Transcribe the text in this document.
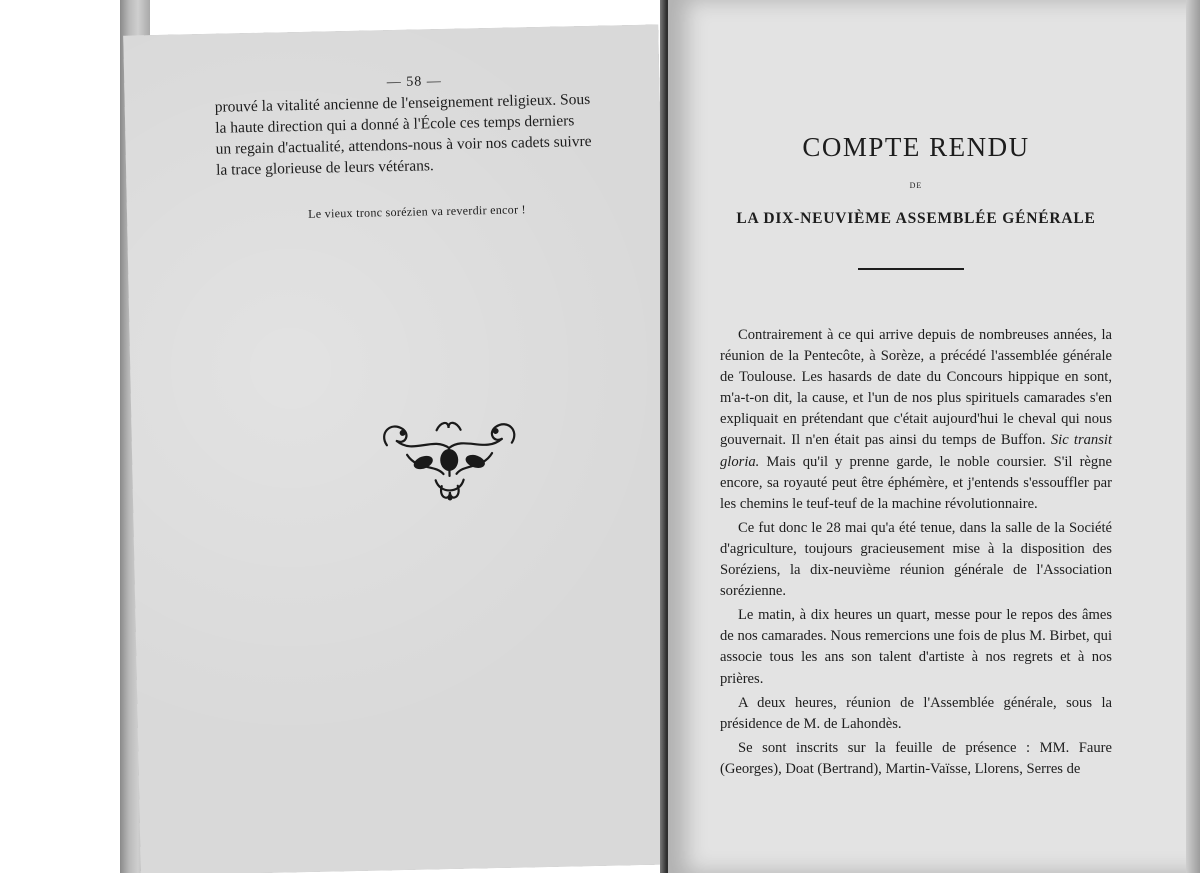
— 58 —
prouvé la vitalité ancienne de l'enseignement religieux. Sous
la haute direction qui a donné à l'École ces temps derniers
un regain d'actualité, attendons-nous à voir nos cadets suivre
la trace glorieuse de leurs vétérans.
Le vieux tronc sorézien va reverdir encor !
COMPTE RENDU
DE
LA DIX-NEUVIÈME ASSEMBLÉE GÉNÉRALE

Contrairement à ce qui arrive depuis de nombreuses années, la réunion de la Pentecôte, à Sorèze, a précédé l'assemblée générale de Toulouse. Les hasards de date du Concours hippique en sont, m'a-t-on dit, la cause, et l'un de nos plus spirituels camarades s'en expliquait en prétendant que c'était aujourd'hui le cheval qui nous gouvernait. Il n'en était pas ainsi du temps de Buffon. Sic transit gloria. Mais qu'il y prenne garde, le noble coursier. S'il règne encore, sa royauté peut être éphémère, et j'entends s'essouffler par les chemins le teuf-teuf de la machine révolutionnaire.

Ce fut donc le 28 mai qu'a été tenue, dans la salle de la Société d'agriculture, toujours gracieusement mise à la disposition des Soréziens, la dix-neuvième réunion générale de l'Association sorézienne.

Le matin, à dix heures un quart, messe pour le repos des âmes de nos camarades. Nous remercions une fois de plus M. Birbet, qui associe tous les ans son talent d'artiste à nos regrets et à nos prières.

A deux heures, réunion de l'Assemblée générale, sous la présidence de M. de Lahondès.

Se sont inscrits sur la feuille de présence : MM. Faure (Georges), Doat (Bertrand), Martin-Vaïsse, Llorens, Serres de
